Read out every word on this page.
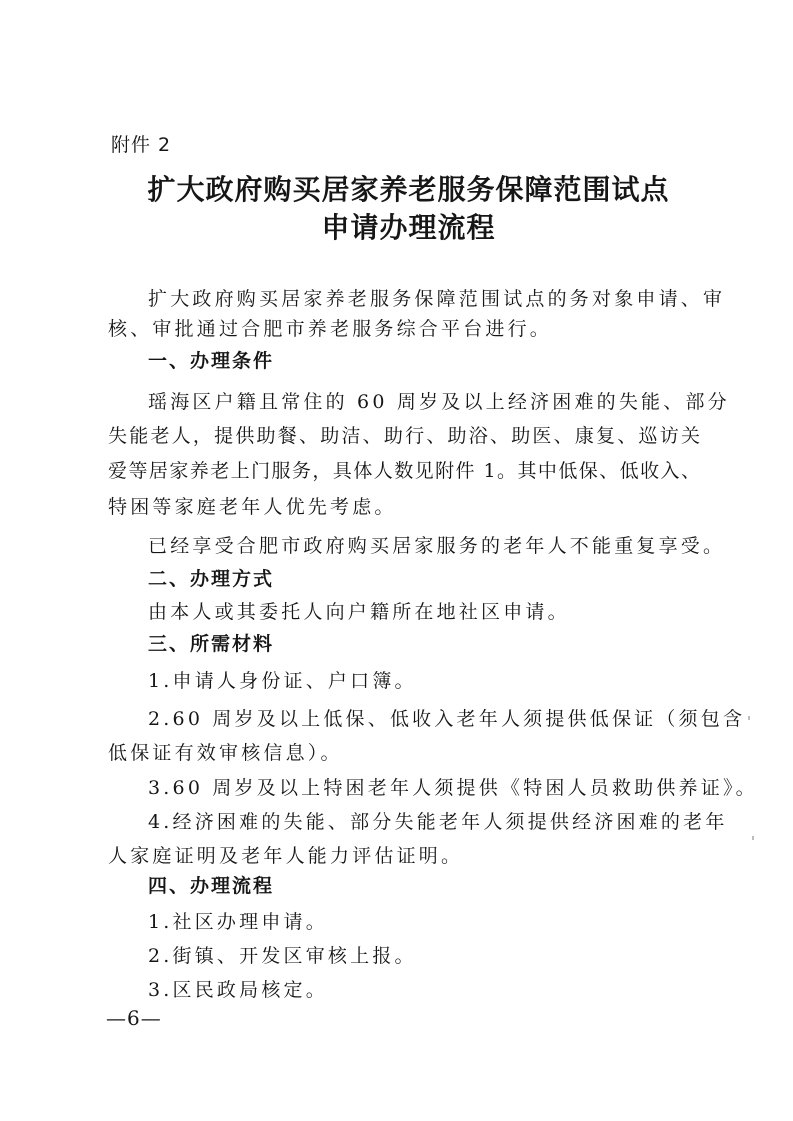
附件 2
扩大政府购买居家养老服务保障范围试点
申请办理流程
扩大政府购买居家养老服务保障范围试点的务对象申请、审
核、审批通过合肥市养老服务综合平台进行。
一、办理条件
瑶海区户籍且常住的 60 周岁及以上经济困难的失能、部分
失能老人，提供助餐、助洁、助行、助浴、助医、康复、巡访关
爱等居家养老上门服务，具体人数见附件 1。其中低保、低收入、
特困等家庭老年人优先考虑。
已经享受合肥市政府购买居家服务的老年人不能重复享受。
二、办理方式
由本人或其委托人向户籍所在地社区申请。
三、所需材料
1.申请人身份证、户口簿。
2.60 周岁及以上低保、低收入老年人须提供低保证（须包含
低保证有效审核信息）。
3.60 周岁及以上特困老年人须提供《特困人员救助供养证》。
4.经济困难的失能、部分失能老年人须提供经济困难的老年
人家庭证明及老年人能力评估证明。
四、办理流程
1.社区办理申请。
2.街镇、开发区审核上报。
3.区民政局核定。
—6—
